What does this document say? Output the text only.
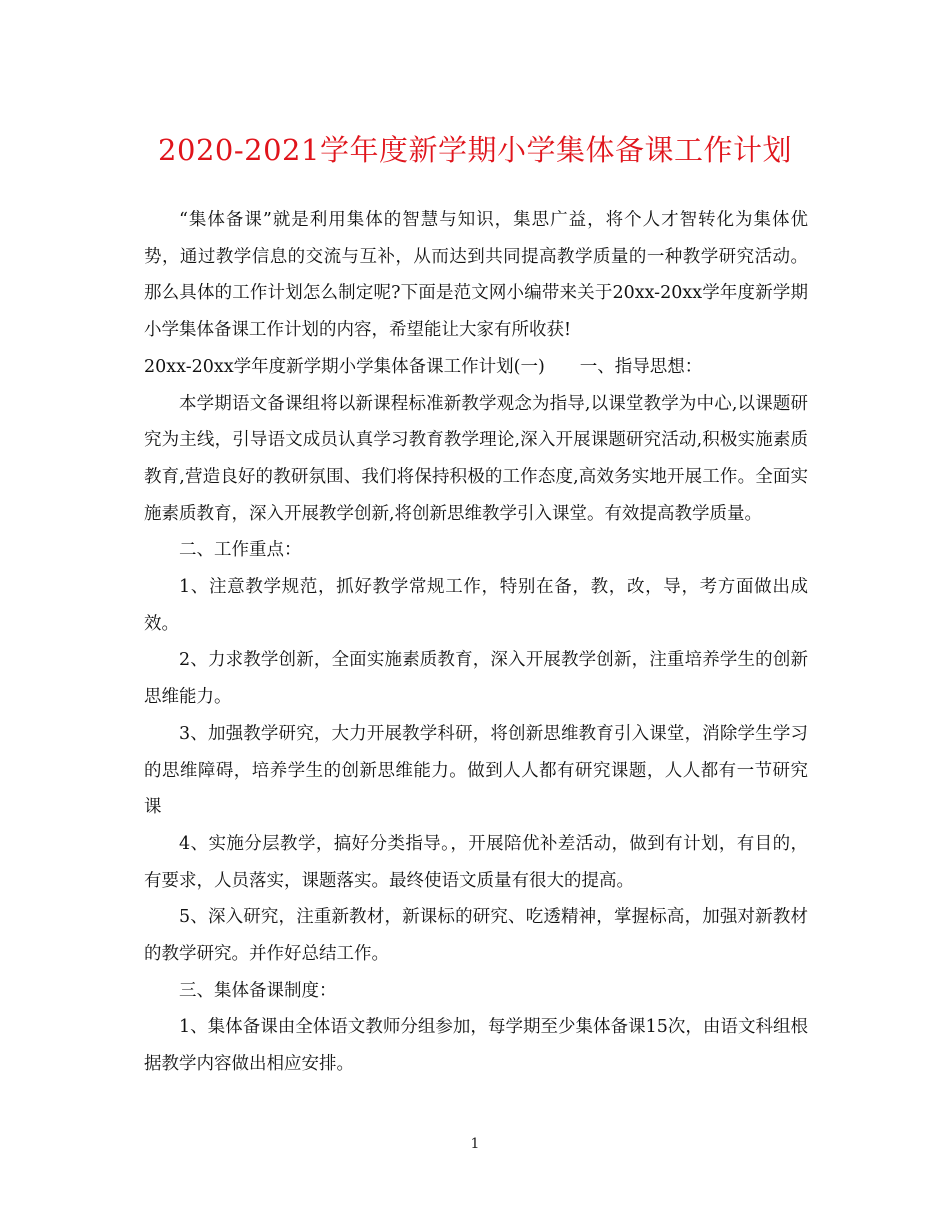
2020-2021学年度新学期小学集体备课工作计划

“集体备课”就是利用集体的智慧与知识，集思广益，将个人才智转化为集体优势，通过教学信息的交流与互补，从而达到共同提高教学质量的一种教学研究活动。那么具体的工作计划怎么制定呢?下面是范文网小编带来关于20xx-20xx学年度新学期小学集体备课工作计划的内容，希望能让大家有所收获!

20xx-20xx学年度新学期小学集体备课工作计划(一)　　一、指导思想：

本学期语文备课组将以新课程标准新教学观念为指导,以课堂教学为中心,以课题研究为主线，引导语文成员认真学习教育教学理论,深入开展课题研究活动,积极实施素质教育,营造良好的教研氛围、我们将保持积极的工作态度,高效务实地开展工作。全面实施素质教育，深入开展教学创新,将创新思维教学引入课堂。有效提高教学质量。

二、工作重点：

1、注意教学规范，抓好教学常规工作，特别在备，教，改，导，考方面做出成效。

2、力求教学创新，全面实施素质教育，深入开展教学创新，注重培养学生的创新思维能力。

3、加强教学研究，大力开展教学科研，将创新思维教育引入课堂，消除学生学习的思维障碍，培养学生的创新思维能力。做到人人都有研究课题，人人都有一节研究课

4、实施分层教学，搞好分类指导。，开展陪优补差活动，做到有计划，有目的，有要求，人员落实，课题落实。最终使语文质量有很大的提高。

5、深入研究，注重新教材，新课标的研究、吃透精神，掌握标高，加强对新教材的教学研究。并作好总结工作。

三、集体备课制度：

1、集体备课由全体语文教师分组参加，每学期至少集体备课15次，由语文科组根据教学内容做出相应安排。

1
